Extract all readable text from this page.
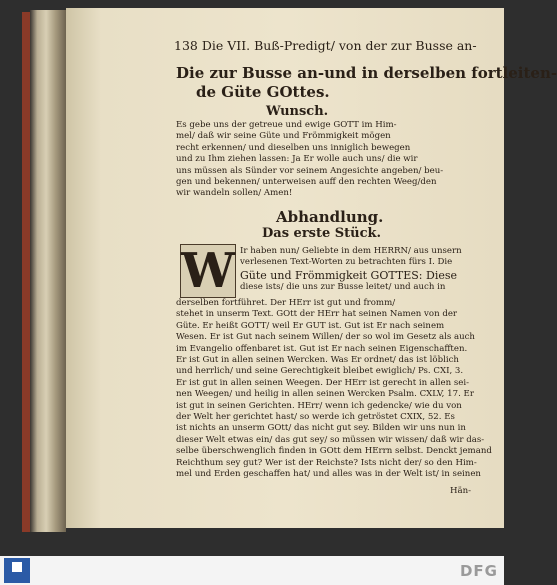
138 Die VII. Buß-Predigt/ von der zur Busse an-
Die zur Busse an-und in derselben fortleiten-
de Güte GOttes.
Wunsch.
Es gebe uns der getreue und ewige GOTT im Him-
mel/ daß wir seine Güte und Frömmigkeit mögen
recht erkennen/ und dieselben uns inniglich bewegen
und zu Ihm ziehen lassen: Ja Er wolle auch uns/ die wir
uns müssen als Sünder vor seinem Angesichte angeben/ beu-
gen und bekennen/ unterweisen auff den rechten Weeg/den
wir wandeln sollen/ Amen!
Abhandlung.
Das erste Stück.
W Ir haben nun/ Geliebte in dem HERRN/ aus unsern
verlesenen Text-Worten zu betrachten fürs I. Die
Güte und Frömmigkeit GOTTES: Diese
diese ists/ die uns zur Busse leitet/ und auch in
derselben fortführet. Der HErr ist gut und fromm/
stehet in unserm Text. GOtt der HErr hat seinen Namen von der
Güte. Er heißt GOTT/ weil Er GUT ist. Gut ist Er nach seinem
Wesen. Er ist Gut nach seinem Willen/ der so wol im Gesetz als auch
im Evangelio offenbaret ist. Gut ist Er nach seinen Eigenschafften.
Er ist Gut in allen seinen Wercken. Was Er ordnet/ das ist löblich
und herrlich/ und seine Gerechtigkeit bleibet ewiglich/ Ps. CXI, 3.
Er ist gut in allen seinen Weegen. Der HErr ist gerecht in allen sei-
nen Weegen/ und heilig in allen seinen Wercken Psalm. CXLV, 17. Er
ist gut in seinen Gerichten. HErr/ wenn ich gedencke/ wie du von
der Welt her gerichtet hast/ so werde ich getröstet CXIX, 52. Es
ist nichts an unserm GOtt/ das nicht gut sey. Bilden wir uns nun in
dieser Welt etwas ein/ das gut sey/ so müssen wir wissen/ daß wir das-
selbe überschwenglich finden in GOtt dem HErrn selbst. Denckt jemand
Reichthum sey gut? Wer ist der Reichste? Ists nicht der/ so den Him-
mel und Erden geschaffen hat/ und alles was in der Welt ist/ in seinen
Hän-
DFG
